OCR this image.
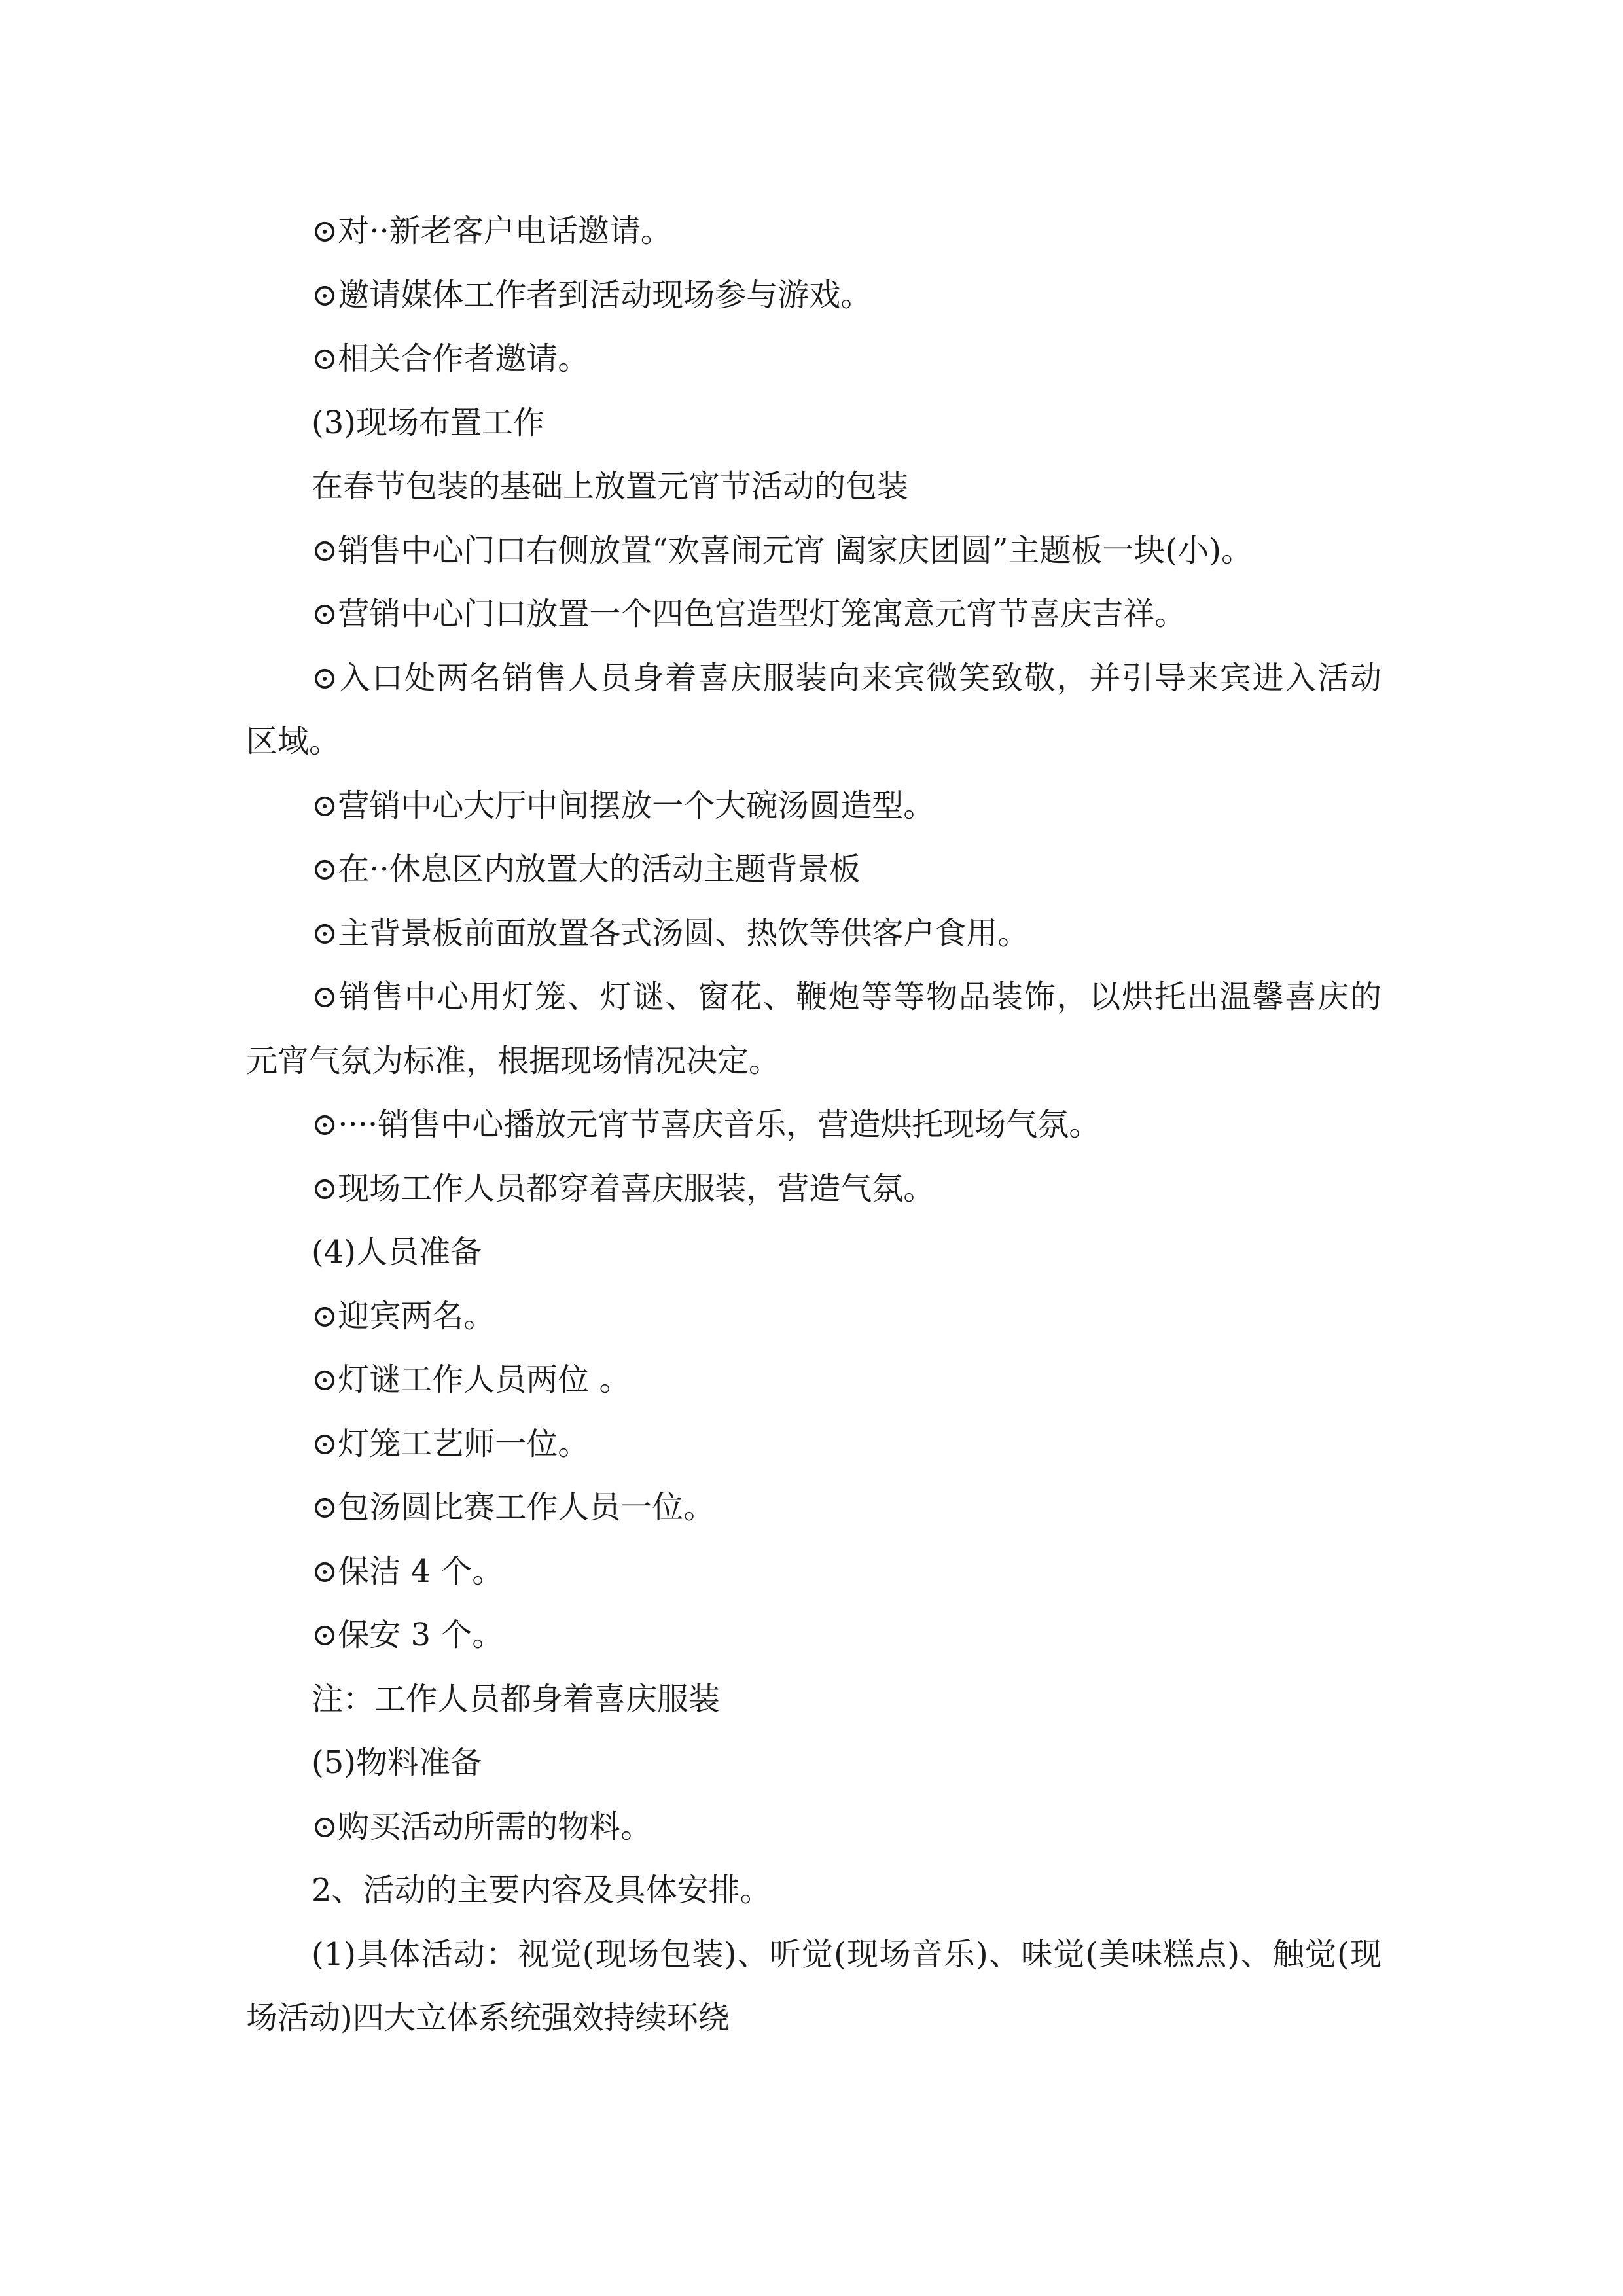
⊙对··新老客户电话邀请。
⊙邀请媒体工作者到活动现场参与游戏。
⊙相关合作者邀请。
(3)现场布置工作
在春节包装的基础上放置元宵节活动的包装
⊙销售中心门口右侧放置“欢喜闹元宵 阖家庆团圆”主题板一块(小)。
⊙营销中心门口放置一个四色宫造型灯笼寓意元宵节喜庆吉祥。
⊙入口处两名销售人员身着喜庆服装向来宾微笑致敬，并引导来宾进入活动
区域。
⊙营销中心大厅中间摆放一个大碗汤圆造型。
⊙在··休息区内放置大的活动主题背景板
⊙主背景板前面放置各式汤圆、热饮等供客户食用。
⊙销售中心用灯笼、灯谜、窗花、鞭炮等等物品装饰，以烘托出温馨喜庆的
元宵气氛为标准，根据现场情况决定。
⊙····销售中心播放元宵节喜庆音乐，营造烘托现场气氛。
⊙现场工作人员都穿着喜庆服装，营造气氛。
(4)人员准备
⊙迎宾两名。
⊙灯谜工作人员两位 。
⊙灯笼工艺师一位。
⊙包汤圆比赛工作人员一位。
⊙保洁 4 个。
⊙保安 3 个。
注：工作人员都身着喜庆服装
(5)物料准备
⊙购买活动所需的物料。
2、活动的主要内容及具体安排。
(1)具体活动：视觉(现场包装)、听觉(现场音乐)、味觉(美味糕点)、触觉(现
场活动)四大立体系统强效持续环绕
